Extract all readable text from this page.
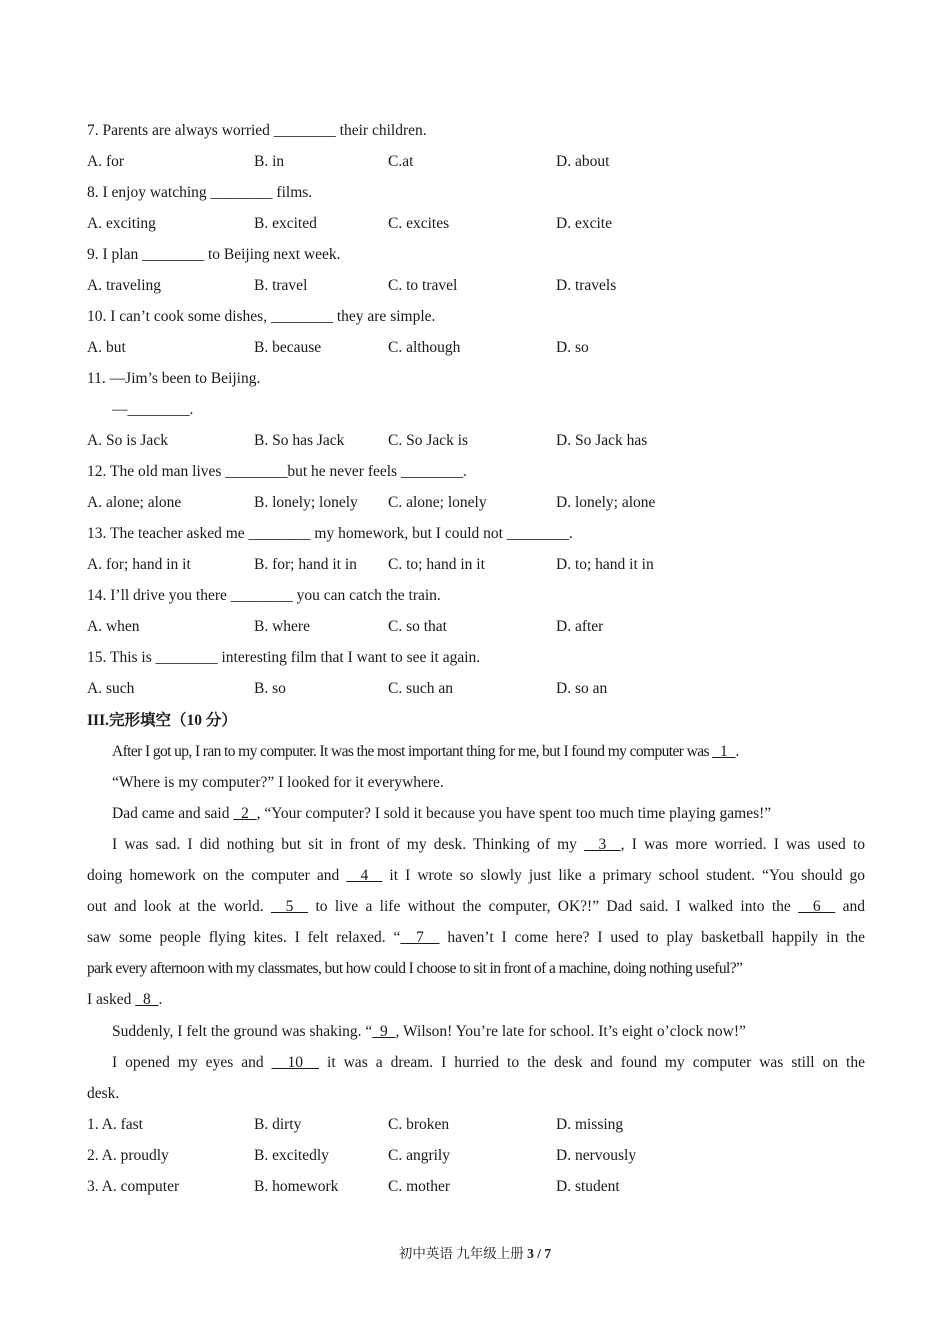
7. Parents are always worried ________ their children.
A. for	B. in	C.at	D. about
8. I enjoy watching ________ films.
A. exciting	B. excited	C. excites	D. excite
9. I plan ________ to Beijing next week.
A. traveling	B. travel	C. to travel	D. travels
10. I can’t cook some dishes, ________ they are simple.
A. but	B. because	C. although	D. so
11. —Jim’s been to Beijing.
—________.
A. So is Jack	B. So has Jack	C. So Jack is	D. So Jack has
12. The old man lives ________but he never feels ________.
A. alone; alone	B. lonely; lonely C. alone; lonely	D. lonely; alone
13. The teacher asked me ________ my homework, but I could not ________.
A. for; hand in it	B. for; hand it in C. to; hand in it	D. to; hand it in
14. I’ll drive you there ________ you can catch the train.
A. when	B. where	C. so that	D. after
15. This is ________ interesting film that I want to see it again.
A. such	B. so	C. such an	D. so an
III.完形填空（10 分）
After I got up, I ran to my computer. It was the most important thing for me, but I found my computer was   1  .
“Where is my computer?” I looked for it everywhere.
Dad came and said   2  , “Your computer? I sold it because you have spent too much time playing games!”
I was sad. I did nothing but sit in front of my desk. Thinking of my   3  , I was more worried. I was used to
doing homework on the computer and   4   it I wrote so slowly just like a primary school student. “You should go
out and look at the world.   5   to live a life without the computer, OK?!” Dad said. I walked into the   6   and
saw some people flying kites. I felt relaxed. “  7   haven’t I come here? I used to play basketball happily in the
park every afternoon with my classmates, but how could I choose to sit in front of a machine, doing nothing useful?”
I asked   8  .
Suddenly, I felt the ground was shaking. “  9  , Wilson! You’re late for school. It’s eight o’clock now!”
I opened my eyes and   10   it was a dream. I hurried to the desk and found my computer was still on the
desk.
1. A. fast	B. dirty	C. broken	D. missing
2. A. proudly	B. excitedly	C. angrily	D. nervously
3. A. computer	B. homework	C. mother	D. student
初中英语 九年级上册 3 / 7
